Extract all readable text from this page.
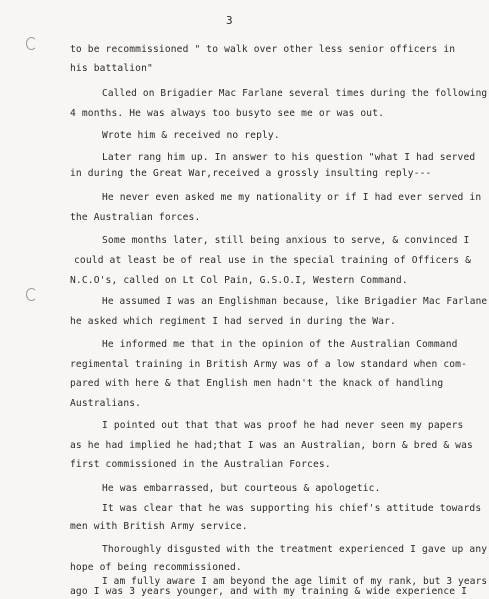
3
to be recommissioned " to walk over other less senior officers in
his battalion"
Called on Brigadier Mac Farlane several times during the following
4 months. He was always too busyto see me or was out.
Wrote him & received no reply.
Later rang him up. In answer to his question "what I had served
in during the Great War,received a grossly insulting reply---
He never even asked me my nationality or if I had ever served in
the Australian forces.
Some months later, still being anxious to serve, & convinced I
could at least be of real use in the special training of Officers &
N.C.O's, called on Lt Col Pain, G.S.O.I, Western Command.
He assumed I was an Englishman because, like Brigadier Mac Farlane
he asked which regiment I had served in during the War.
He informed me that in the opinion of the Australian Command
regimental training in British Army was of a low standard when com-
pared with here & that English men hadn't the knack of handling
Australians.
I pointed out that that was proof he had never seen my papers
as he had implied he had;that I was an Australian, born & bred & was
first commissioned in the Australian Forces.
He was embarrassed, but courteous & apologetic.
It was clear that he was supporting his chief's attitude towards
men with British Army service.
Thoroughly disgusted with the treatment experienced I gave up any
hope of being recommissioned.
I am fully aware I am beyond the age limit of my rank, but 3 years
ago I was 3 years younger, and with my training & wide experience I
